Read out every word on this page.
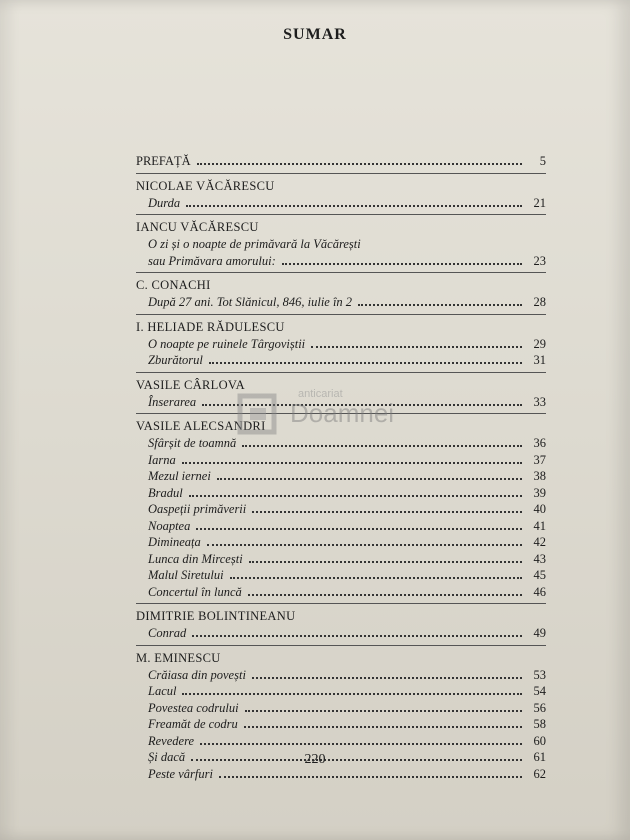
SUMAR
PREFAȚĂ	5
NICOLAE VĂCĂRESCU
Durda	21
IANCU VĂCĂRESCU
O zi și o noapte de primăvară la Văcărești
sau Primăvara amorului:	23
C. CONACHI
După 27 ani. Tot Slănicul, 846, iulie în 2	28
I. HELIADE RĂDULESCU
O noapte pe ruinele Târgoviștii	29
Zburătorul	31
VASILE CÂRLOVA
Înserarea	33
VASILE ALECSANDRI
Sfârșit de toamnă	36
Iarna	37
Mezul iernei	38
Bradul	39
Oaspeții primăverii	40
Noaptea	41
Dimineața	42
Lunca din Mircești	43
Malul Siretului	45
Concertul în luncă	46
DIMITRIE BOLINTINEANU
Conrad	49
M. EMINESCU
Crăiasa din povești	53
Lacul	54
Povestea codrului	56
Freamăt de codru	58
Revedere	60
Și dacă	61
Peste vârfuri	62
anticariat
Doamnei
220
